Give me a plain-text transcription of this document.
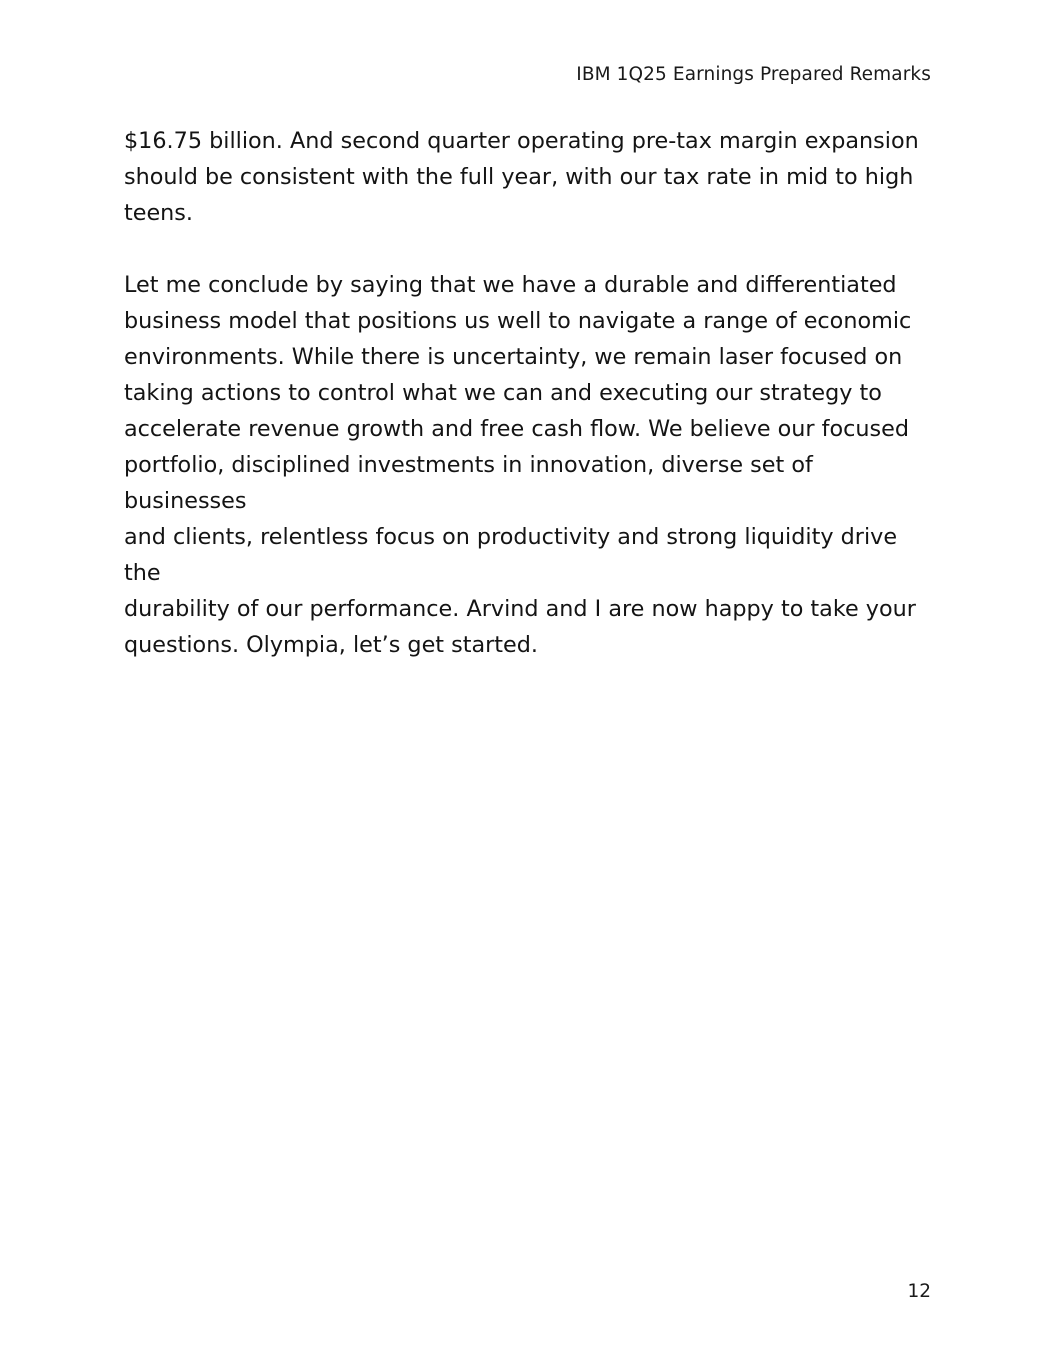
IBM 1Q25 Earnings Prepared Remarks

$16.75 billion. And second quarter operating pre-tax margin expansion
should be consistent with the full year, with our tax rate in mid to high
teens.

Let me conclude by saying that we have a durable and differentiated
business model that positions us well to navigate a range of economic
environments. While there is uncertainty, we remain laser focused on
taking actions to control what we can and executing our strategy to
accelerate revenue growth and free cash flow. We believe our focused
portfolio, disciplined investments in innovation, diverse set of businesses
and clients, relentless focus on productivity and strong liquidity drive the
durability of our performance. Arvind and I are now happy to take your
questions. Olympia, let’s get started.

12
